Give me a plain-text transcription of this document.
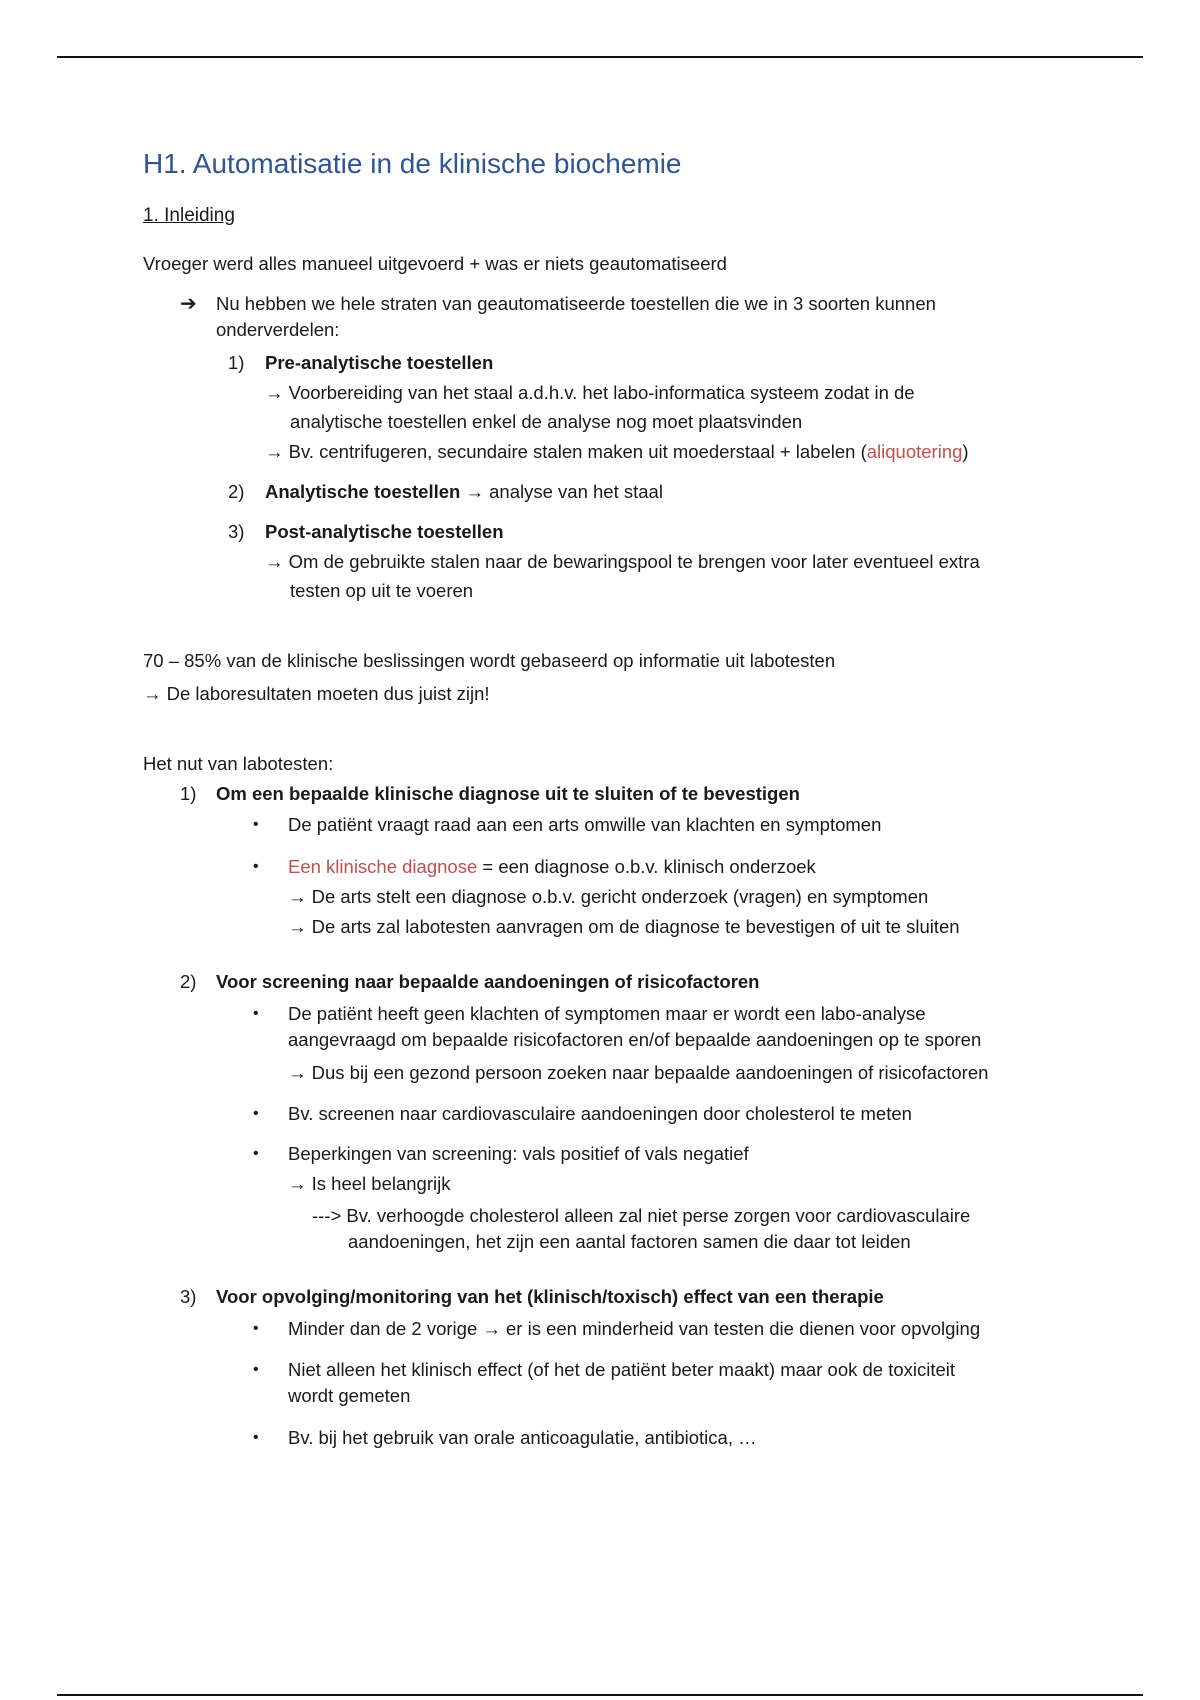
H1. Automatisatie in de klinische biochemie
1. Inleiding
Vroeger werd alles manueel uitgevoerd + was er niets geautomatiseerd
➔ Nu hebben we hele straten van geautomatiseerde toestellen die we in 3 soorten kunnen
onderverdelen:
1) Pre-analytische toestellen
→ Voorbereiding van het staal a.d.h.v. het labo-informatica systeem zodat in de
analytische toestellen enkel de analyse nog moet plaatsvinden
→ Bv. centrifugeren, secundaire stalen maken uit moederstaal + labelen (aliquotering)
2) Analytische toestellen → analyse van het staal
3) Post-analytische toestellen
→ Om de gebruikte stalen naar de bewaringspool te brengen voor later eventueel extra
testen op uit te voeren
70 – 85% van de klinische beslissingen wordt gebaseerd op informatie uit labotesten
→ De laboresultaten moeten dus juist zijn!
Het nut van labotesten:
1) Om een bepaalde klinische diagnose uit te sluiten of te bevestigen
• De patiënt vraagt raad aan een arts omwille van klachten en symptomen
• Een klinische diagnose = een diagnose o.b.v. klinisch onderzoek
→ De arts stelt een diagnose o.b.v. gericht onderzoek (vragen) en symptomen
→ De arts zal labotesten aanvragen om de diagnose te bevestigen of uit te sluiten
2) Voor screening naar bepaalde aandoeningen of risicofactoren
• De patiënt heeft geen klachten of symptomen maar er wordt een labo-analyse
aangevraagd om bepaalde risicofactoren en/of bepaalde aandoeningen op te sporen
→ Dus bij een gezond persoon zoeken naar bepaalde aandoeningen of risicofactoren
• Bv. screenen naar cardiovasculaire aandoeningen door cholesterol te meten
• Beperkingen van screening: vals positief of vals negatief
→ Is heel belangrijk
---> Bv. verhoogde cholesterol alleen zal niet perse zorgen voor cardiovasculaire
aandoeningen, het zijn een aantal factoren samen die daar tot leiden
3) Voor opvolging/monitoring van het (klinisch/toxisch) effect van een therapie
• Minder dan de 2 vorige → er is een minderheid van testen die dienen voor opvolging
• Niet alleen het klinisch effect (of het de patiënt beter maakt) maar ook de toxiciteit
wordt gemeten
• Bv. bij het gebruik van orale anticoagulatie, antibiotica, …
